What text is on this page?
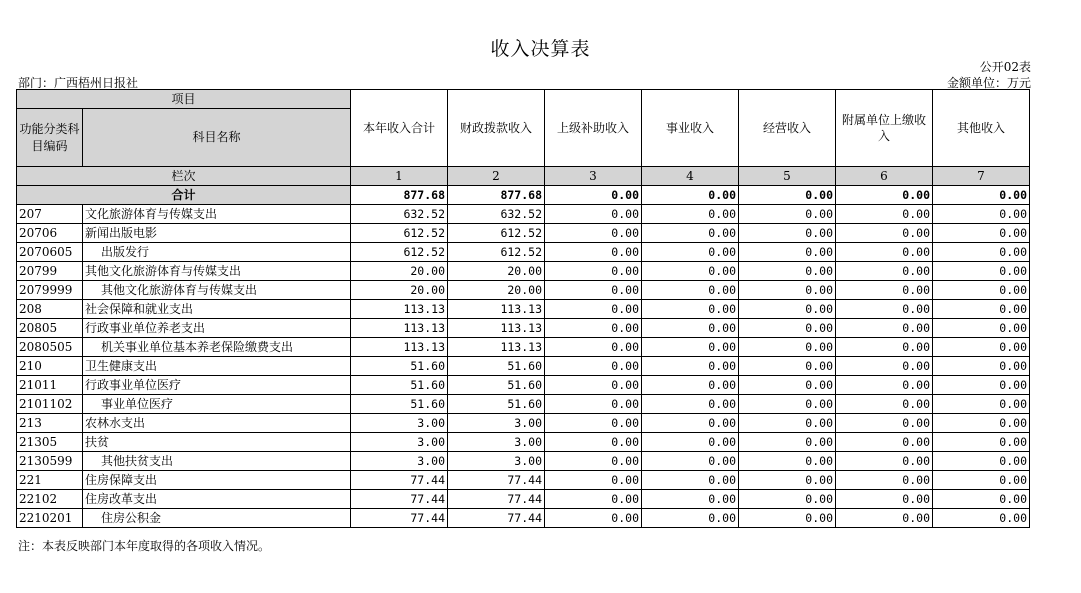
收入决算表
公开02表
部门：广西梧州日报社	金额单位：万元
项目		本年收入合计	财政拨款收入	上级补助收入	事业收入	经营收入	附属单位上缴收入	其他收入
功能分类科目编码	科目名称							
栏次		1	2	3	4	5	6	7
合计		877.68	877.68	0.00	0.00	0.00	0.00	0.00
207	文化旅游体育与传媒支出	632.52	632.52	0.00	0.00	0.00	0.00	0.00
20706	新闻出版电影	612.52	612.52	0.00	0.00	0.00	0.00	0.00
2070605	出版发行	612.52	612.52	0.00	0.00	0.00	0.00	0.00
20799	其他文化旅游体育与传媒支出	20.00	20.00	0.00	0.00	0.00	0.00	0.00
2079999	其他文化旅游体育与传媒支出	20.00	20.00	0.00	0.00	0.00	0.00	0.00
208	社会保障和就业支出	113.13	113.13	0.00	0.00	0.00	0.00	0.00
20805	行政事业单位养老支出	113.13	113.13	0.00	0.00	0.00	0.00	0.00
2080505	机关事业单位基本养老保险缴费支出	113.13	113.13	0.00	0.00	0.00	0.00	0.00
210	卫生健康支出	51.60	51.60	0.00	0.00	0.00	0.00	0.00
21011	行政事业单位医疗	51.60	51.60	0.00	0.00	0.00	0.00	0.00
2101102	事业单位医疗	51.60	51.60	0.00	0.00	0.00	0.00	0.00
213	农林水支出	3.00	3.00	0.00	0.00	0.00	0.00	0.00
21305	扶贫	3.00	3.00	0.00	0.00	0.00	0.00	0.00
2130599	其他扶贫支出	3.00	3.00	0.00	0.00	0.00	0.00	0.00
221	住房保障支出	77.44	77.44	0.00	0.00	0.00	0.00	0.00
22102	住房改革支出	77.44	77.44	0.00	0.00	0.00	0.00	0.00
2210201	住房公积金	77.44	77.44	0.00	0.00	0.00	0.00	0.00
注：本表反映部门本年度取得的各项收入情况。
